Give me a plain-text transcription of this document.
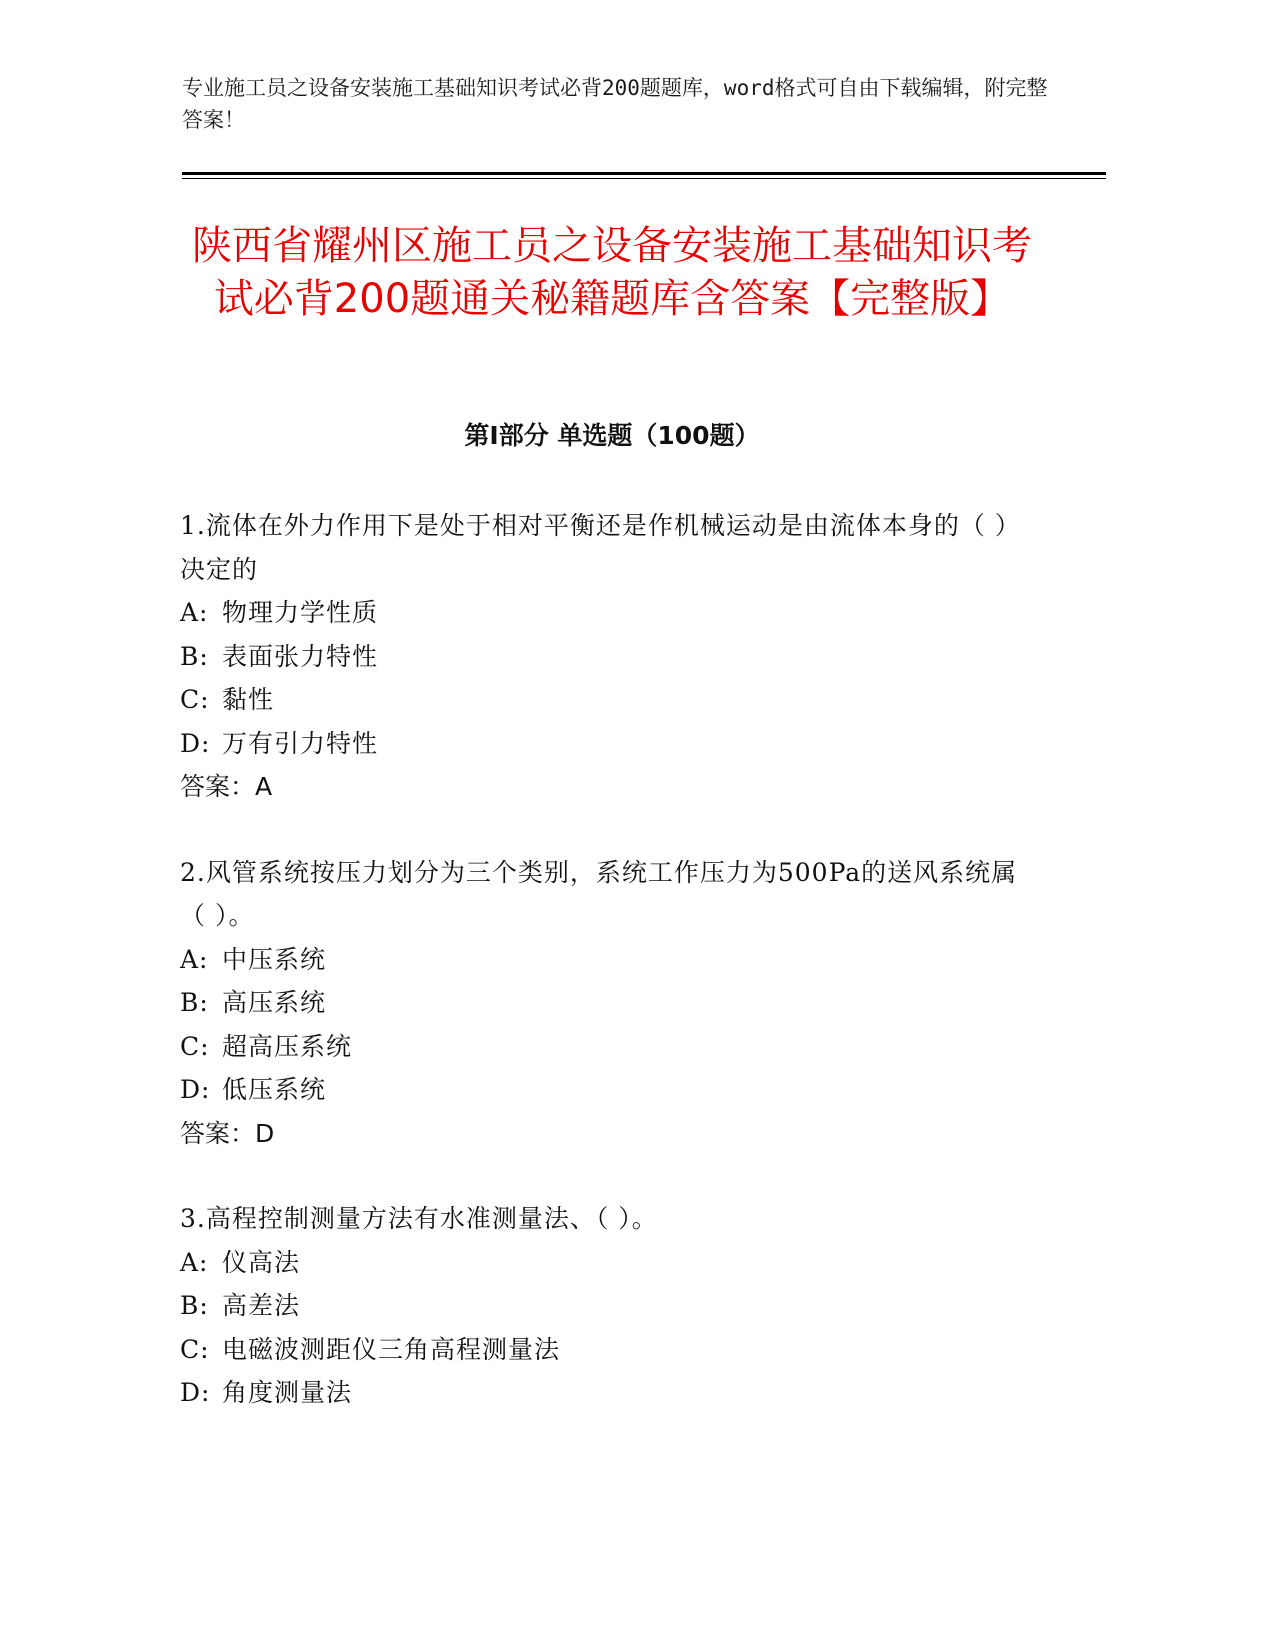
专业施工员之设备安装施工基础知识考试必背200题题库，word格式可自由下载编辑，附完整答案！

陕西省耀州区施工员之设备安装施工基础知识考试必背200题通关秘籍题库含答案【完整版】
第Ⅰ部分 单选题（100题）
1.流体在外力作用下是处于相对平衡还是作机械运动是由流体本身的（ ）决定的
A: 物理力学性质
B: 表面张力特性
C: 黏性
D: 万有引力特性
答案：A
2.风管系统按压力划分为三个类别，系统工作压力为500Pa的送风系统属（ ）。
A: 中压系统
B: 高压系统
C: 超高压系统
D: 低压系统
答案：D
3.高程控制测量方法有水准测量法、（ ）。
A: 仪高法
B: 高差法
C: 电磁波测距仪三角高程测量法
D: 角度测量法
